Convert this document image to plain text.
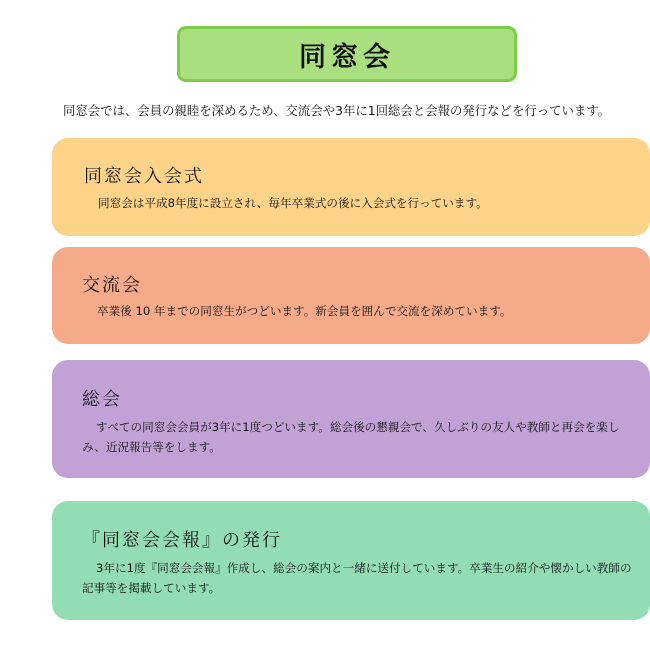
同窓会
同窓会では、会員の親睦を深めるため、交流会や3年に1回総会と会報の発行などを行っています。
同窓会入会式
同窓会は平成8年度に設立され、毎年卒業式の後に入会式を行っています。
交流会
卒業後 10 年までの同窓生がつどいます。新会員を囲んで交流を深めています。
総会
すべての同窓会会員が3年に1度つどいます。総会後の懇親会で、久しぶりの友人や教師と再会を楽しみ、近況報告等をします。
『同窓会会報』の発行
3年に1度『同窓会会報』作成し、総会の案内と一緒に送付しています。卒業生の紹介や懐かしい教師の記事等を掲載しています。
